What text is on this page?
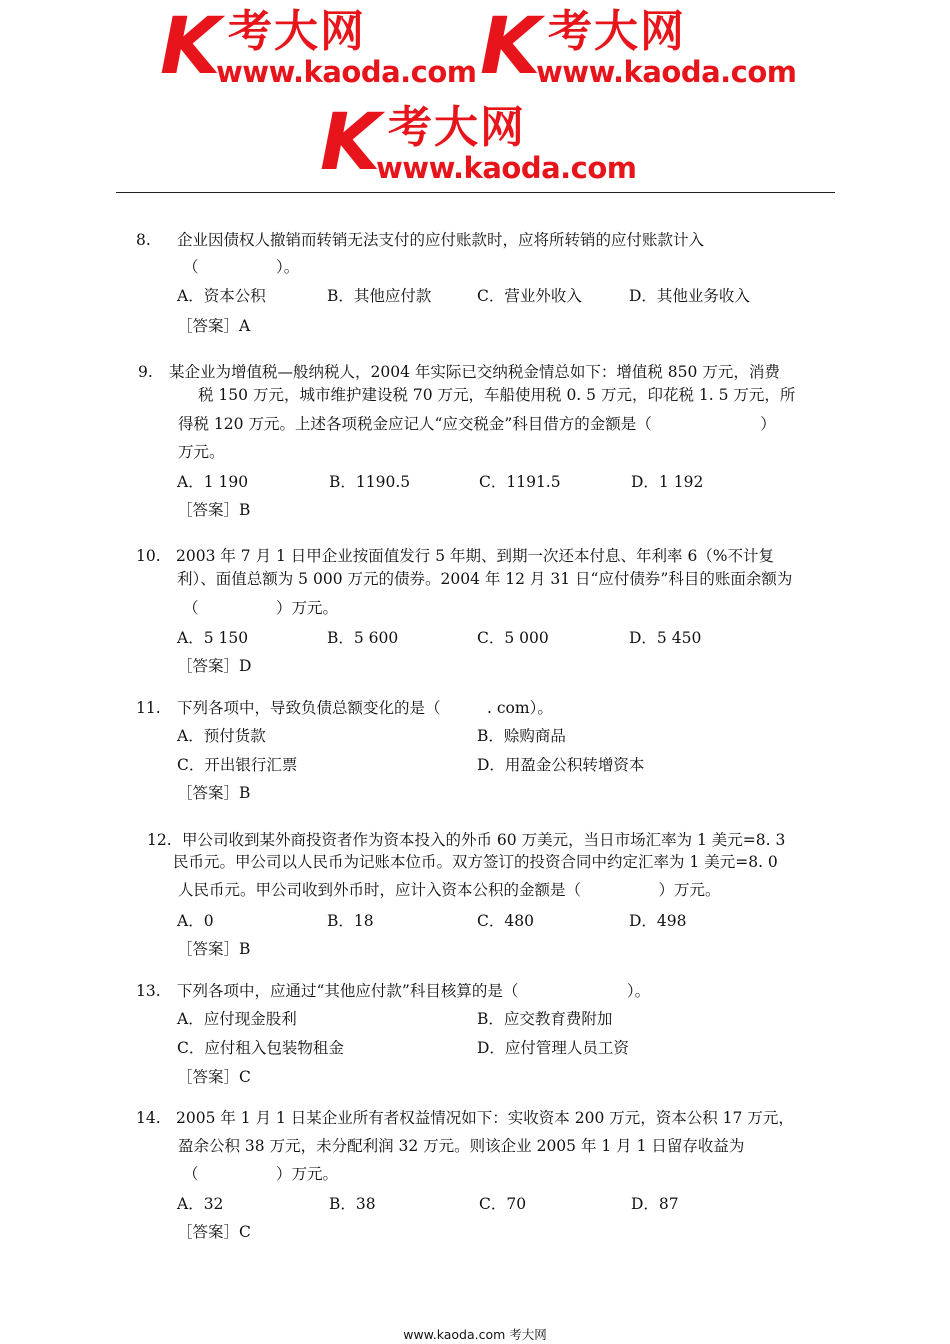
K 考大网
www.kaoda.com K 考大网
www.kaoda.com
K 考大网
www.kaoda.com
8. 企业因债权人撤销而转销无法支付的应付账款时，应将所转销的应付账款计入
（　　　　　）。
A．资本公积	B．其他应付款	C．营业外收入	D．其他业务收入
［答案］A
9. 某企业为增值税—般纳税人，2004 年实际已交纳税金情总如下：增值税 850 万元，消费
税 150 万元，城市维护建设税 70 万元，车船使用税 0. 5 万元，印花税 1. 5 万元，所
得税 120 万元。上述各项税金应记人“应交税金”科目借方的金额是（　　　　　　　）
万元。
A．1 190	B．1190.5	C．1191.5	D．1 192
［答案］B
10. 2003 年 7 月 1 日甲企业按面值发行 5 年期、到期一次还本付息、年利率 6（%不计复
利）、面值总额为 5 000 万元的债券。2004 年 12 月 31 日“应付债券”科目的账面余额为
（　　　　　）万元。
A．5 150	B．5 600	C．5 000	D．5 450
［答案］D
11. 下列各项中，导致负债总额变化的是（　　　. com）。
A．预付货款	B．赊购商品
C．开出银行汇票	D．用盈金公积转增资本
［答案］B
12. 甲公司收到某外商投资者作为资本投入的外币 60 万美元，当日市场汇率为 1 美元=8. 3
民币元。甲公司以人民币为记账本位币。双方签订的投资合同中约定汇率为 1 美元=8. 0
人民币元。甲公司收到外币时，应计入资本公积的金额是（　　　　　）万元。
A．0	B．18	C．480	D．498
［答案］B
13. 下列各项中，应通过“其他应付款”科目核算的是（　　　　　　　）。
A．应付现金股利	B．应交教育费附加
C．应付租入包装物租金	D．应付管理人员工资
［答案］C
14. 2005 年 1 月 1 日某企业所有者权益情况如下：实收资本 200 万元，资本公积 17 万元，
盈余公积 38 万元，未分配利润 32 万元。则该企业 2005 年 1 月 1 日留存收益为
（　　　　　）万元。
A．32	B．38	C．70	D．87
［答案］C
www.kaoda.com 考大网
